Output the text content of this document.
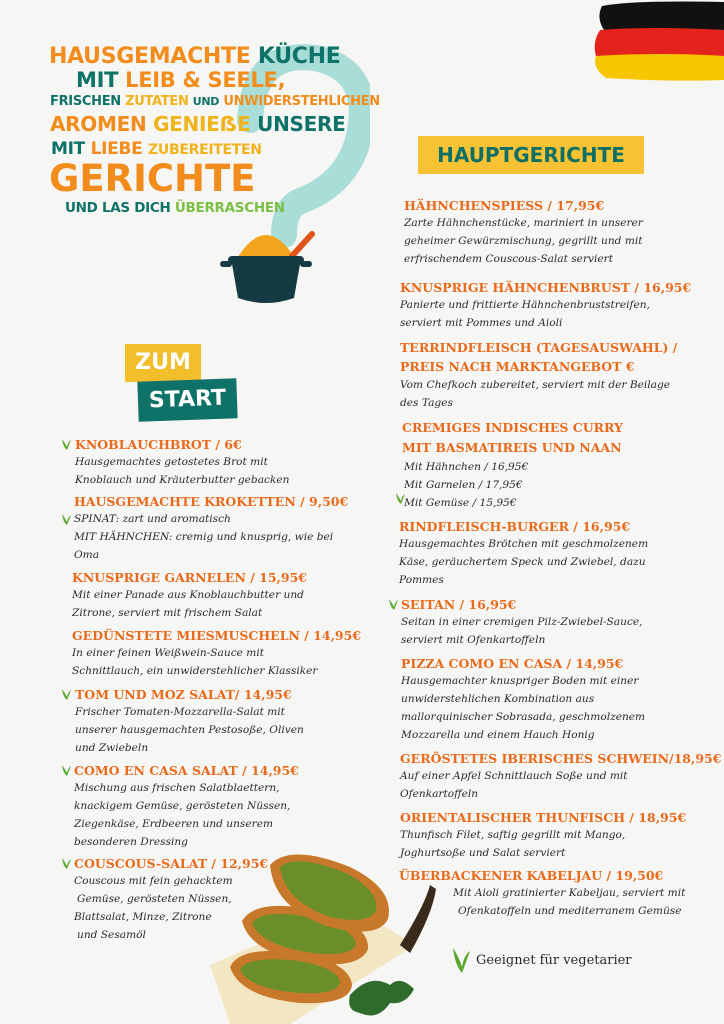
HAUSGEMACHTE KÜCHE
MIT LEIB & SEELE,
FRISCHEN ZUTATEN UND UNWIDERSTEHLICHEN
AROMEN GENIEẞE UNSERE
MIT LIEBE ZUBEREITETEN
GERICHTE
UND LAS DICH ÜBERRASCHEN
ZUM
START
HAUPTGERICHTE
KNOBLAUCHBROT / 6€
Hausgemachtes getostetes Brot mit
Knoblauch und Kräuterbutter gebacken
HAUSGEMACHTE KROKETTEN / 9,50€
SPINAT: zart und aromatisch
MIT HÄHNCHEN: cremig und knusprig, wie bei
Oma
KNUSPRIGE GARNELEN / 15,95€
Mit einer Panade aus Knoblauchbutter und
Zitrone, serviert mit frischem Salat
GEDÜNSTETE MIESMUSCHELN / 14,95€
In einer feinen Weißwein-Sauce mit
Schnittlauch, ein unwiderstehlicher Klassiker
TOM UND MOZ SALAT/ 14,95€
Frischer Tomaten-Mozzarella-Salat mit
unserer hausgemachten Pestosoße, Oliven
und Zwiebeln
COMO EN CASA SALAT / 14,95€
Mischung aus frischen Salatblaettern,
knackigem Gemüse, gerösteten Nüssen,
Ziegenkäse, Erdbeeren und unserem
besonderen Dressing
COUSCOUS-SALAT / 12,95€
Couscous mit fein gehacktem
Gemüse, gerösteten Nüssen,
Blattsalat, Minze, Zitrone
und Sesamöl
HÄHNCHENSPIESS / 17,95€
Zarte Hähnchenstücke, mariniert in unserer
geheimer Gewürzmischung, gegrillt und mit
erfrischendem Couscous-Salat serviert
KNUSPRIGE HÄHNCHENBRUST / 16,95€
Panierte und frittierte Hähnchenbruststreifen,
serviert mit Pommes und Aioli
TERRINDFLEISCH (TAGESAUSWAHL) /
PREIS NACH MARKTANGEBOT €
Vom Chefkoch zubereitet, serviert mit der Beilage
des Tages
CREMIGES INDISCHES CURRY
MIT BASMATIREIS UND NAAN
Mit Hähnchen / 16,95€
Mit Garnelen / 17,95€
Mit Gemüse / 15,95€
RINDFLEISCH-BURGER / 16,95€
Hausgemachtes Brötchen mit geschmolzenem
Käse, geräuchertem Speck und Zwiebel, dazu
Pommes
SEITAN / 16,95€
Seitan in einer cremigen Pilz-Zwiebel-Sauce,
serviert mit Ofenkartoffeln
PIZZA COMO EN CASA / 14,95€
Hausgemachter knuspriger Boden mit einer
unwiderstehlichen Kombination aus
mallorquinischer Sobrasada, geschmolzenem
Mozzarella und einem Hauch Honig
GERÖSTETES IBERISCHES SCHWEIN/18,95€
Auf einer Apfel Schnittlauch Soße und mit
Ofenkartoffeln
ORIENTALISCHER THUNFISCH / 18,95€
Thunfisch Filet, saftig gegrillt mit Mango,
Joghurtsoße und Salat serviert
ÜBERBACKENER KABELJAU / 19,50€
Mit Aioli gratinierter Kabeljau, serviert mit
Ofenkatoffeln und mediterranem Gemüse
Geeignet für vegetarier
